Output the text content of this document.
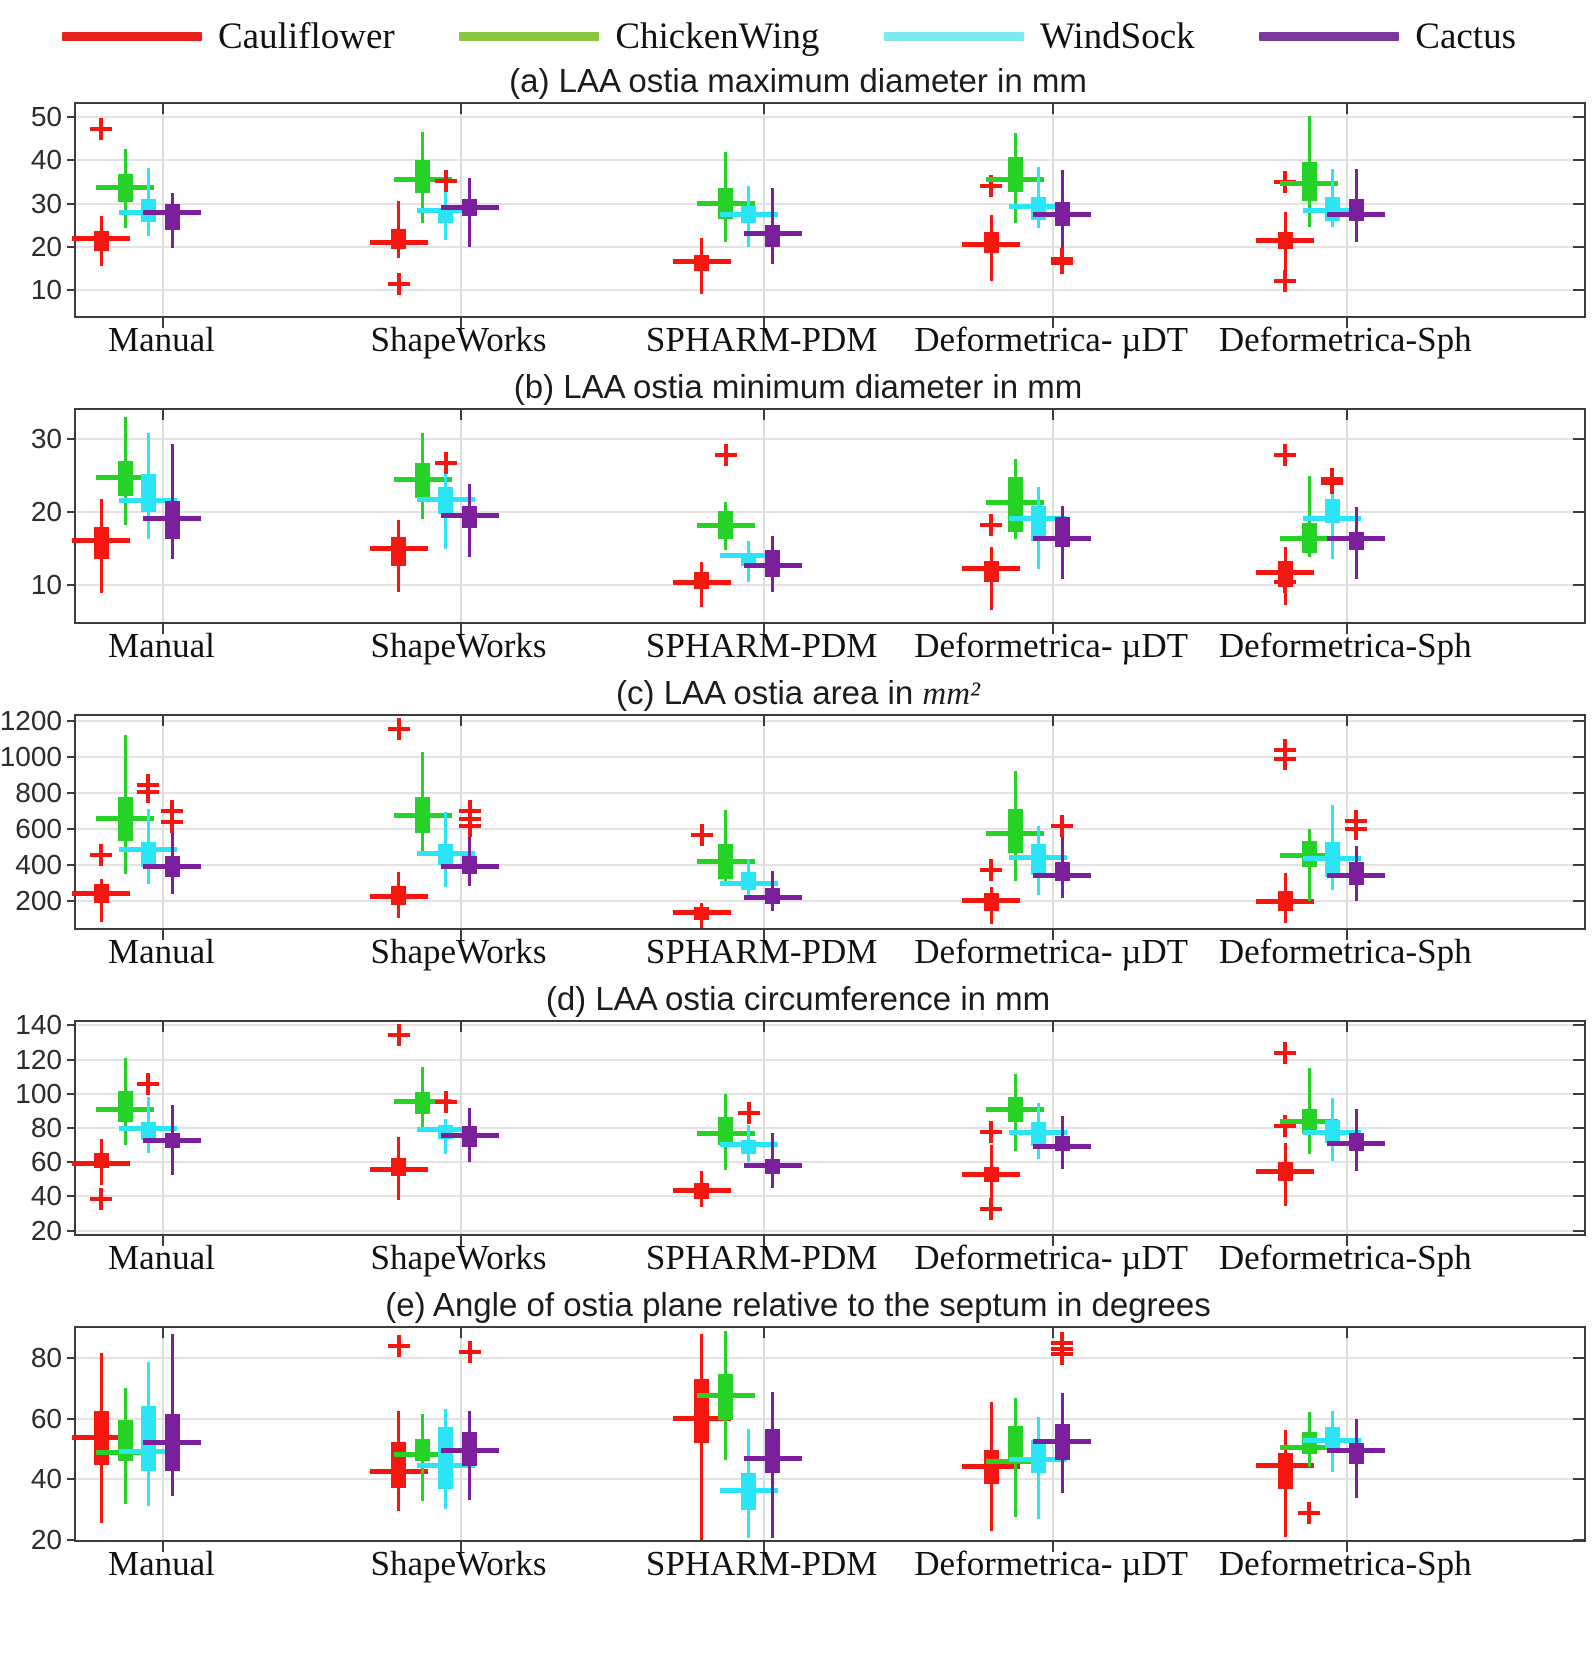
Cauliflower	ChickenWing	WindSock	Cactus
(a) LAA ostia maximum diameter in mm
10
20
30
40
50
Manual	ShapeWorks	SPHARM-PDM Deformetrica- µDT Deformetrica-Sph
(b) LAA ostia minimum diameter in mm
10
20
30
Manual	ShapeWorks	SPHARM-PDM Deformetrica- µDT Deformetrica-Sph
(c) LAA ostia area in mm²
200
400
600
800
1000
1200
Manual	ShapeWorks	SPHARM-PDM Deformetrica- µDT Deformetrica-Sph
(d) LAA ostia circumference in mm
20
40
60
80
100
120
140
Manual	ShapeWorks	SPHARM-PDM Deformetrica- µDT Deformetrica-Sph
(e) Angle of ostia plane relative to the septum in degrees
20
40
60
80
Manual	ShapeWorks	SPHARM-PDM Deformetrica- µDT Deformetrica-Sph
